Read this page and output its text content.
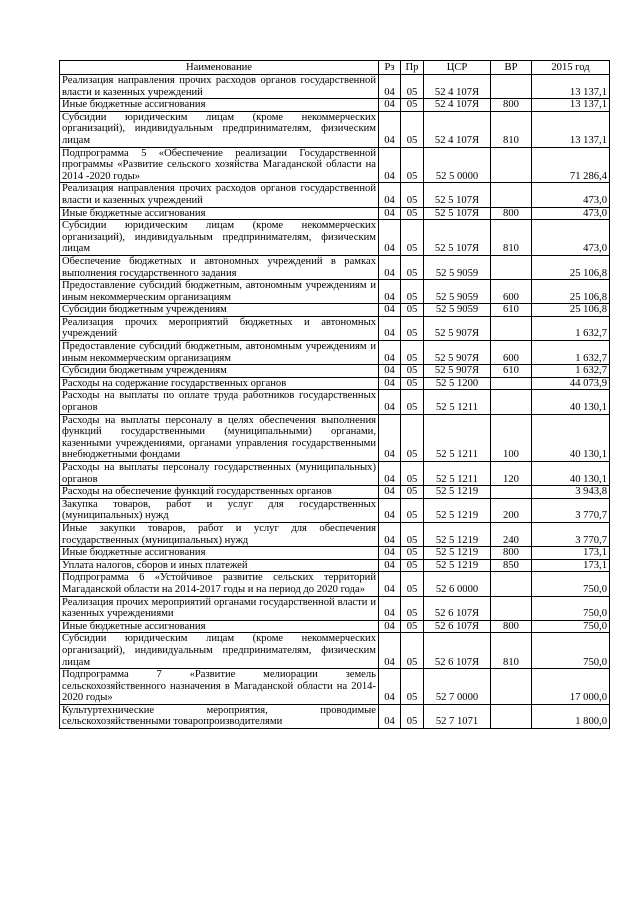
Наименование	Рз	Пр	ЦСР	ВР	2015 год
Реализация направления прочих расходов органов государственной власти и казенных учреждений	04	05	52 4 107Я		13 137,1
Иные бюджетные ассигнования	04	05	52 4 107Я	800	13 137,1
Субсидии юридическим лицам (кроме некоммерческих организаций), индивидуальным предпринимателям, физическим лицам	04	05	52 4 107Я	810	13 137,1
Подпрограмма 5 «Обеспечение реализации Государственной программы «Развитие сельского хозяйства Магаданской области на 2014 -2020 годы»	04	05	52 5 0000		71 286,4
Реализация направления прочих расходов органов государственной власти и казенных учреждений	04	05	52 5 107Я		473,0
Иные бюджетные ассигнования	04	05	52 5 107Я	800	473,0
Субсидии юридическим лицам (кроме некоммерческих организаций), индивидуальным предпринимателям, физическим лицам	04	05	52 5 107Я	810	473,0
Обеспечение бюджетных и автономных учреждений в рамках выполнения государственного задания	04	05	52 5 9059		25 106,8
Предоставление субсидий бюджетным, автономным учреждениям и иным некоммерческим организациям	04	05	52 5 9059	600	25 106,8
Субсидии бюджетным учреждениям	04	05	52 5 9059	610	25 106,8
Реализация прочих мероприятий бюджетных и автономных учреждений	04	05	52 5 907Я		1 632,7
Предоставление субсидий бюджетным, автономным учреждениям и иным некоммерческим организациям	04	05	52 5 907Я	600	1 632,7
Субсидии бюджетным учреждениям	04	05	52 5 907Я	610	1 632,7
Расходы на содержание государственных органов	04	05	52 5 1200		44 073,9
Расходы на выплаты по оплате труда работников государственных органов	04	05	52 5 1211		40 130,1
Расходы на выплаты персоналу в целях обеспечения выполнения функций государственными (муниципальными) органами, казенными учреждениями, органами управления государственными внебюджетными фондами	04	05	52 5 1211	100	40 130,1
Расходы на выплаты персоналу государственных (муниципальных) органов	04	05	52 5 1211	120	40 130,1
Расходы на обеспечение функций государственных органов	04	05	52 5 1219		3 943,8
Закупка товаров, работ и услуг для государственных (муниципальных) нужд	04	05	52 5 1219	200	3 770,7
Иные закупки товаров, работ и услуг для обеспечения государственных (муниципальных) нужд	04	05	52 5 1219	240	3 770,7
Иные бюджетные ассигнования	04	05	52 5 1219	800	173,1
Уплата налогов, сборов и иных платежей	04	05	52 5 1219	850	173,1
Подпрограмма 6 «Устойчивое развитие сельских территорий Магаданской области на 2014-2017 годы и на период до 2020 года»	04	05	52 6 0000		750,0
Реализация прочих мероприятий органами государственной власти и казенных учреждениями	04	05	52 6 107Я		750,0
Иные бюджетные ассигнования	04	05	52 6 107Я	800	750,0
Субсидии юридическим лицам (кроме некоммерческих организаций), индивидуальным предпринимателям, физическим лицам	04	05	52 6 107Я	810	750,0
Подпрограмма 7 «Развитие мелиорации земель сельскохозяйственного назначения в Магаданской области на 2014-2020 годы»	04	05	52 7 0000		17 000,0
Культуртехнические мероприятия, проводимые сельскохозяйственными товаропроизводителями	04	05	52 7 1071		1 800,0
